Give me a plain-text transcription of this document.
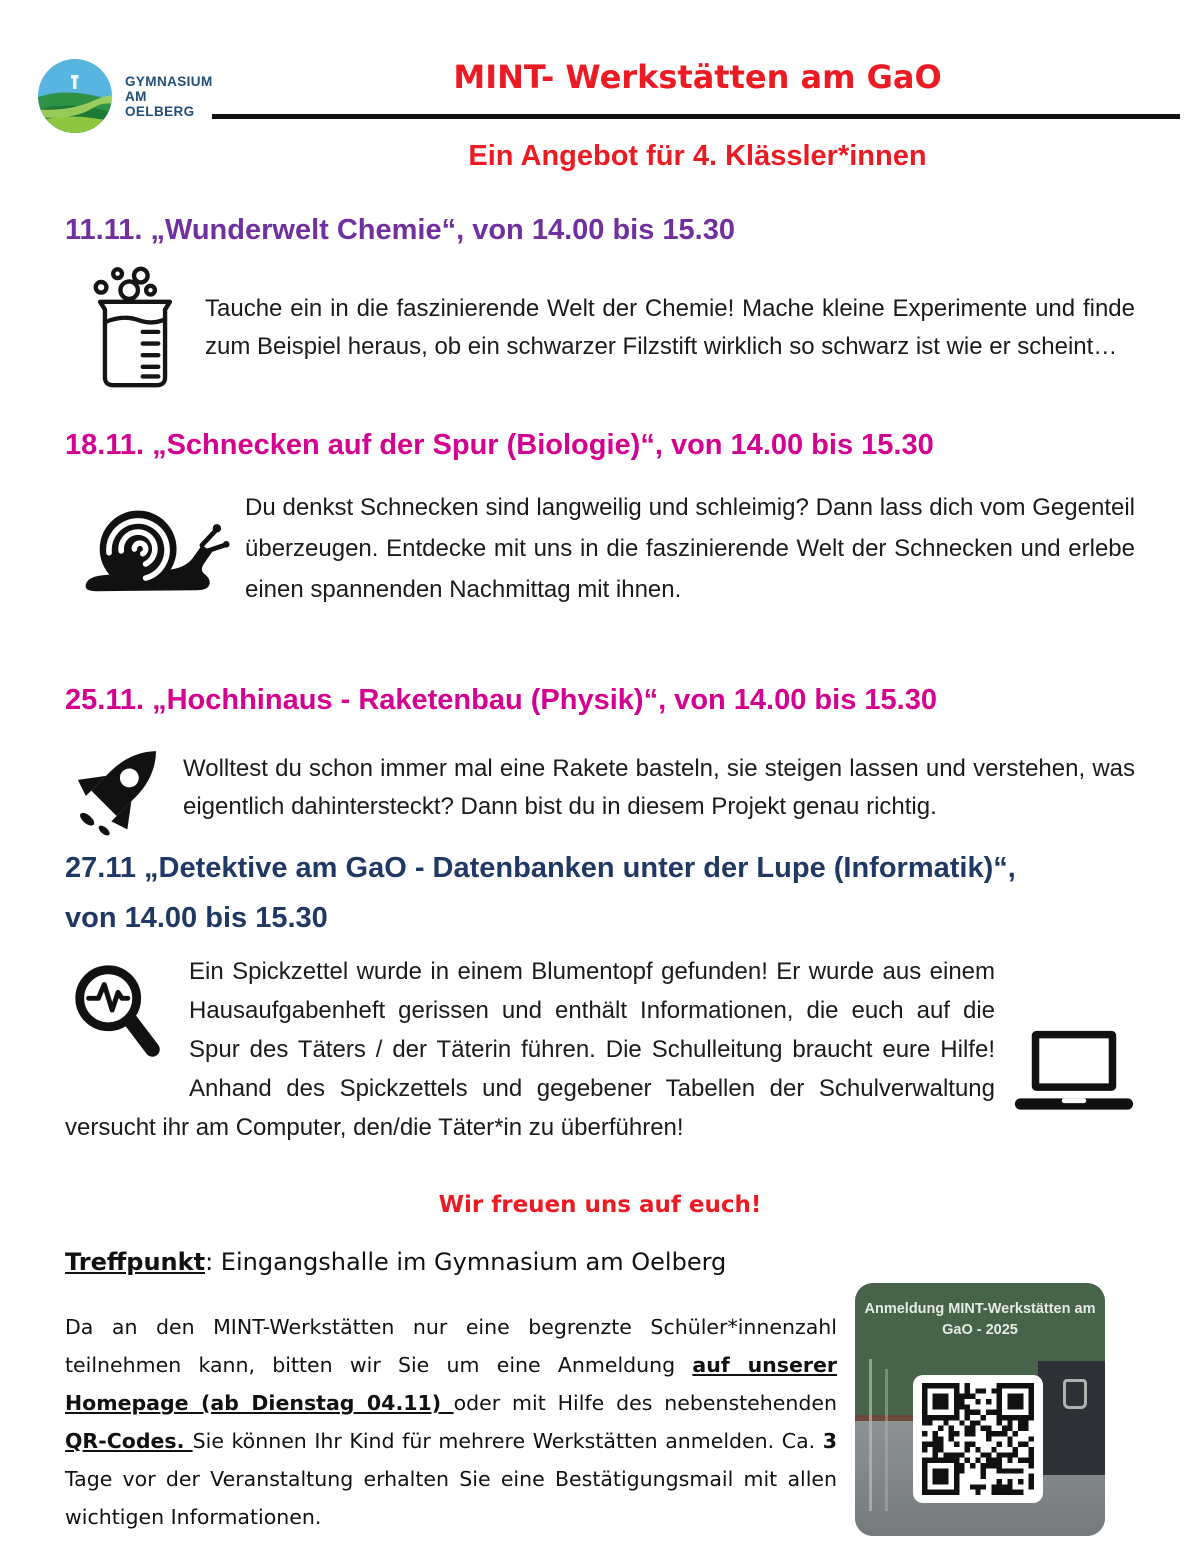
GYMNASIUM
AM
OELBERG
MINT- Werkstätten am GaO
Ein Angebot für 4. Klässler*innen
11.11. „Wunderwelt Chemie“, von 14.00 bis 15.30
Tauche ein in die faszinierende Welt der Chemie! Mache kleine Experimente und finde zum Beispiel heraus, ob ein schwarzer Filzstift wirklich so schwarz ist wie er scheint…
18.11. „Schnecken auf der Spur (Biologie)“, von 14.00 bis 15.30
Du denkst Schnecken sind langweilig und schleimig? Dann lass dich vom Gegenteil überzeugen. Entdecke mit uns in die faszinierende Welt der Schnecken und erlebe einen spannenden Nachmittag mit ihnen.
25.11. „Hochhinaus - Raketenbau (Physik)“, von 14.00 bis 15.30
Wolltest du schon immer mal eine Rakete basteln, sie steigen lassen und verstehen, was eigentlich dahintersteckt? Dann bist du in diesem Projekt genau richtig.
27.11 „Detektive am GaO - Datenbanken unter der Lupe (Informatik)“,
von 14.00 bis 15.30
Ein Spickzettel wurde in einem Blumentopf gefunden! Er wurde aus einem Hausaufgabenheft gerissen und enthält Informationen, die euch auf die Spur des Täters / der Täterin führen. Die Schulleitung braucht eure Hilfe! Anhand des Spickzettels und gegebener Tabellen der Schulverwaltung versucht ihr am Computer, den/die Täter*in zu überführen!
Wir freuen uns auf euch!
Treffpunkt: Eingangshalle im Gymnasium am Oelberg
Da an den MINT-Werkstätten nur eine begrenzte Schüler*innenzahl teilnehmen kann, bitten wir Sie um eine Anmeldung auf unserer Homepage (ab Dienstag 04.11) oder mit Hilfe des nebenstehenden QR-Codes. Sie können Ihr Kind für mehrere Werkstätten anmelden. Ca. 3 Tage vor der Veranstaltung erhalten Sie eine Bestätigungsmail mit allen wichtigen Informationen.
Anmeldung MINT-Werkstätten am
GaO - 2025
